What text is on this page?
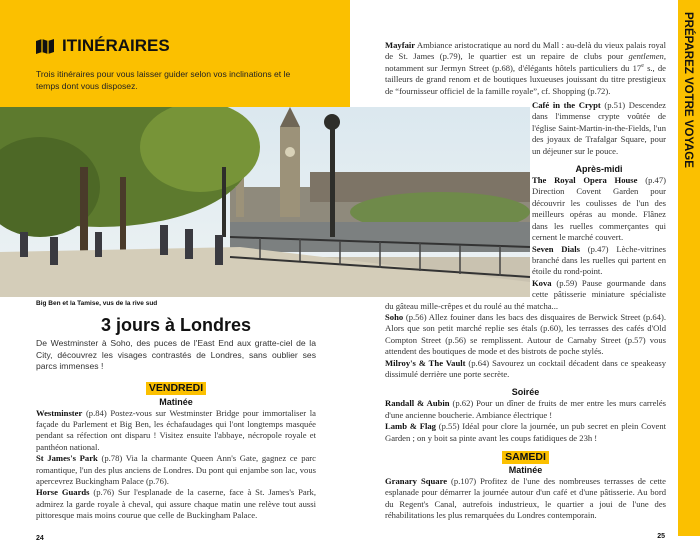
PRÉPAREZ VOTRE VOYAGE
ITINÉRAIRES
Trois itinéraires pour vous laisser guider selon vos inclinations et le temps dont vous disposez.
Big Ben et la Tamise, vus de la rive sud
3 jours à Londres
De Westminster à Soho, des puces de l'East End aux gratte-ciel de la City, découvrez les visages contrastés de Londres, sans oublier ses parcs immenses !
VENDREDI
Matinée
Westminster (p.84) Postez-vous sur Westminster Bridge pour immortaliser la façade du Parlement et Big Ben, les échafaudages qui l'ont longtemps masquée pendant sa réfection ont disparu ! Visitez ensuite l'abbaye, nécropole royale et panthéon national.
St James's Park (p.78) Via la charmante Queen Ann's Gate, gagnez ce parc romantique, l'un des plus anciens de Londres. Du pont qui enjambe son lac, vous apercevrez Buckingham Palace (p.76).
Horse Guards (p.76) Sur l'esplanade de la caserne, face à St. James's Park, admirez la garde royale à cheval, qui assure chaque matin une relève tout aussi pittoresque mais moins courue que celle de Buckingham Palace.
24
Mayfair Ambiance aristocratique au nord du Mall : au-delà du vieux palais royal de St. James (p.79), le quartier est un repaire de clubs pour gentlemen, notamment sur Jermyn Street (p.68), d'élégants hôtels particuliers du 17e s., de tailleurs de grand renom et de boutiques luxueuses jouissant du titre prestigieux de “fournisseur officiel de la famille royale”, cf. Shopping (p.72).
Café in the Crypt (p.51) Descendez dans l'immense crypte voûtée de l'église Saint-Martin-in-the-Fields, l'un des joyaux de Trafalgar Square, pour un déjeuner sur le pouce.
Après-midi
The Royal Opera House (p.47) Direction Covent Garden pour découvrir les coulisses de l'un des meilleurs opéras au monde. Flânez dans les ruelles commerçantes qui cernent le marché couvert.
Seven Dials (p.47) Lèche-vitrines branché dans les ruelles qui partent en étoile du rond-point.
Kova (p.59) Pause gourmande dans cette pâtisserie miniature spécialiste du gâteau mille-crêpes et du roulé au thé matcha...
Soho (p.56) Allez fouiner dans les bacs des disquaires de Berwick Street (p.64). Alors que son petit marché replie ses étals (p.60), les terrasses des cafés d'Old Compton Street (p.56) se remplissent. Autour de Carnaby Street (p.57) vous attendent des boutiques de mode et des bistrots de poche stylés.
Milroy's & The Vault (p.64) Savourez un cocktail décadent dans ce speakeasy dissimulé derrière une porte secrète.
Soirée
Randall & Aubin (p.62) Pour un dîner de fruits de mer entre les murs carrelés d'une ancienne boucherie. Ambiance électrique !
Lamb & Flag (p.55) Idéal pour clore la journée, un pub secret en plein Covent Garden ; on y boit sa pinte avant les coups fatidiques de 23h !
SAMEDI
Matinée
Granary Square (p.107) Profitez de l'une des nombreuses terrasses de cette esplanade pour démarrer la journée autour d'un café et d'une pâtisserie. Au bord du Regent's Canal, autrefois industrieux, le quartier a joui de l'une des réhabilitations les plus remarquées du Londres contemporain.
25
